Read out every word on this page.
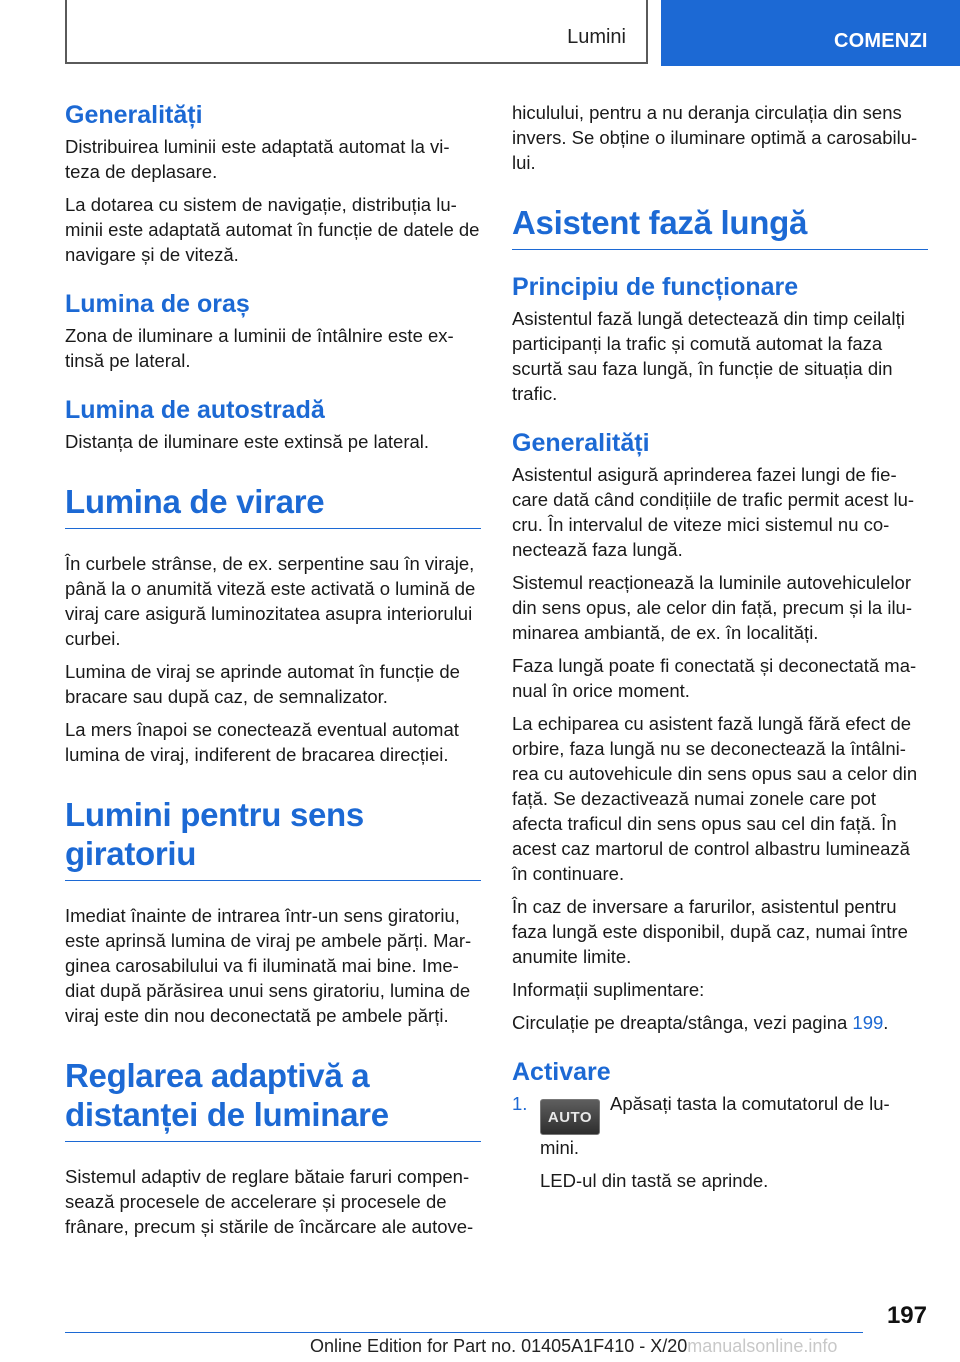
Lumini	COMENZI
Generalități

Distribuirea luminii este adaptată automat la vi-teza de deplasare.

La dotarea cu sistem de navigație, distribuția lu-minii este adaptată automat în funcție de datele de navigare și de viteză.

Lumina de oraș

Zona de iluminare a luminii de întâlnire este ex-tinsă pe lateral.

Lumina de autostradă

Distanța de iluminare este extinsă pe lateral.

Lumina de virare

În curbele strânse, de ex. serpentine sau în viraje, până la o anumită viteză este activată o lumină de viraj care asigură luminozitatea asupra interiorului curbei.

Lumina de viraj se aprinde automat în funcție de bracare sau după caz, de semnalizator.

La mers înapoi se conectează eventual automat lumina de viraj, indiferent de bracarea direcției.

Lumini pentru sens giratoriu

Imediat înainte de intrarea într-un sens giratoriu, este aprinsă lumina de viraj pe ambele părți. Mar-ginea carosabilului va fi iluminată mai bine. Ime-diat după părăsirea unui sens giratoriu, lumina de viraj este din nou deconectată pe ambele părți.

Reglarea adaptivă a distanței de luminare

Sistemul adaptiv de reglare bătaie faruri compen-sează procesele de accelerare și procesele de frânare, precum și stările de încărcare ale autove-

hiculului, pentru a nu deranja circulația din sens invers. Se obține o iluminare optimă a carosabilu-lui.

Asistent fază lungă
Principiu de funcționare

Asistentul fază lungă detectează din timp ceilalți participanți la trafic și comută automat la faza scurtă sau faza lungă, în funcție de situația din trafic.

Generalități

Asistentul asigură aprinderea fazei lungi de fie-care dată când condițiile de trafic permit acest lu-cru. În intervalul de viteze mici sistemul nu co-nectează faza lungă.

Sistemul reacționează la luminile autovehiculelor din sens opus, ale celor din față, precum și la ilu-minarea ambiantă, de ex. în localități.

Faza lungă poate fi conectată și deconectată ma-nual în orice moment.

La echiparea cu asistent fază lungă fără efect de orbire, faza lungă nu se deconectează la întâlni-rea cu autovehicule din sens opus sau a celor din față. Se dezactivează numai zonele care pot afecta traficul din sens opus sau cel din față. În acest caz martorul de control albastru luminează în continuare.

În caz de inversare a farurilor, asistentul pentru faza lungă este disponibil, după caz, numai între anumite limite.

Informații suplimentare:

Circulație pe dreapta/stânga, vezi pagina 199.

Activare
1.
AUTOApăsați tasta la comutatorul de lu-mini.

LED-ul din tastă se aprinde.

197
Online Edition for Part no. 01405A1F410 - X/20manualsonline.info
